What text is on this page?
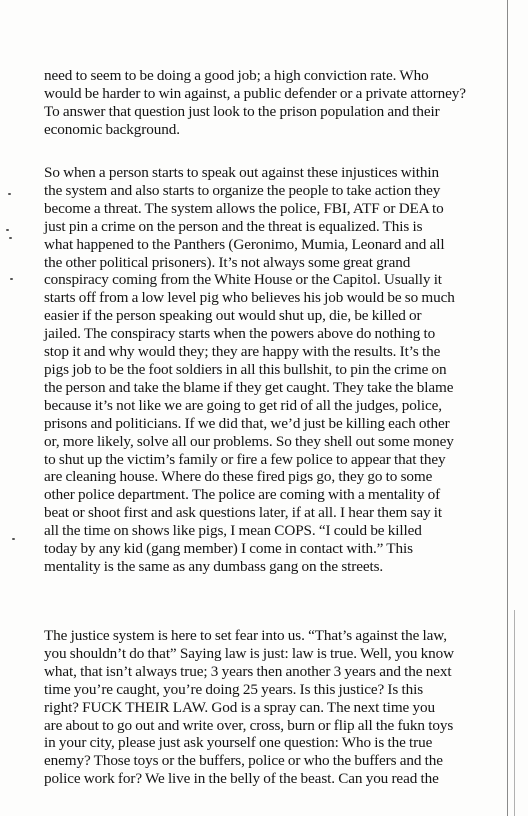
need to seem to be doing a good job; a high conviction rate. Who
would be harder to win against, a public defender or a private attorney?
To answer that question just look to the prison population and their
economic background.
So when a person starts to speak out against these injustices within
the system and also starts to organize the people to take action they
become a threat. The system allows the police, FBI, ATF or DEA to
just pin a crime on the person and the threat is equalized. This is
what happened to the Panthers (Geronimo, Mumia, Leonard and all
the other political prisoners). It’s not always some great grand
conspiracy coming from the White House or the Capitol. Usually it
starts off from a low level pig who believes his job would be so much
easier if the person speaking out would shut up, die, be killed or
jailed. The conspiracy starts when the powers above do nothing to
stop it and why would they; they are happy with the results. It’s the
pigs job to be the foot soldiers in all this bullshit, to pin the crime on
the person and take the blame if they get caught. They take the blame
because it’s not like we are going to get rid of all the judges, police,
prisons and politicians. If we did that, we’d just be killing each other
or, more likely, solve all our problems. So they shell out some money
to shut up the victim’s family or fire a few police to appear that they
are cleaning house. Where do these fired pigs go, they go to some
other police department. The police are coming with a mentality of
beat or shoot first and ask questions later, if at all. I hear them say it
all the time on shows like pigs, I mean COPS. “I could be killed
today by any kid (gang member) I come in contact with.” This
mentality is the same as any dumbass gang on the streets.
The justice system is here to set fear into us. “That’s against the law,
you shouldn’t do that” Saying law is just: law is true. Well, you know
what, that isn’t always true; 3 years then another 3 years and the next
time you’re caught, you’re doing 25 years. Is this justice? Is this
right? FUCK THEIR LAW. God is a spray can. The next time you
are about to go out and write over, cross, burn or flip all the fukn toys
in your city, please just ask yourself one question: Who is the true
enemy? Those toys or the buffers, police or who the buffers and the
police work for? We live in the belly of the beast. Can you read the
